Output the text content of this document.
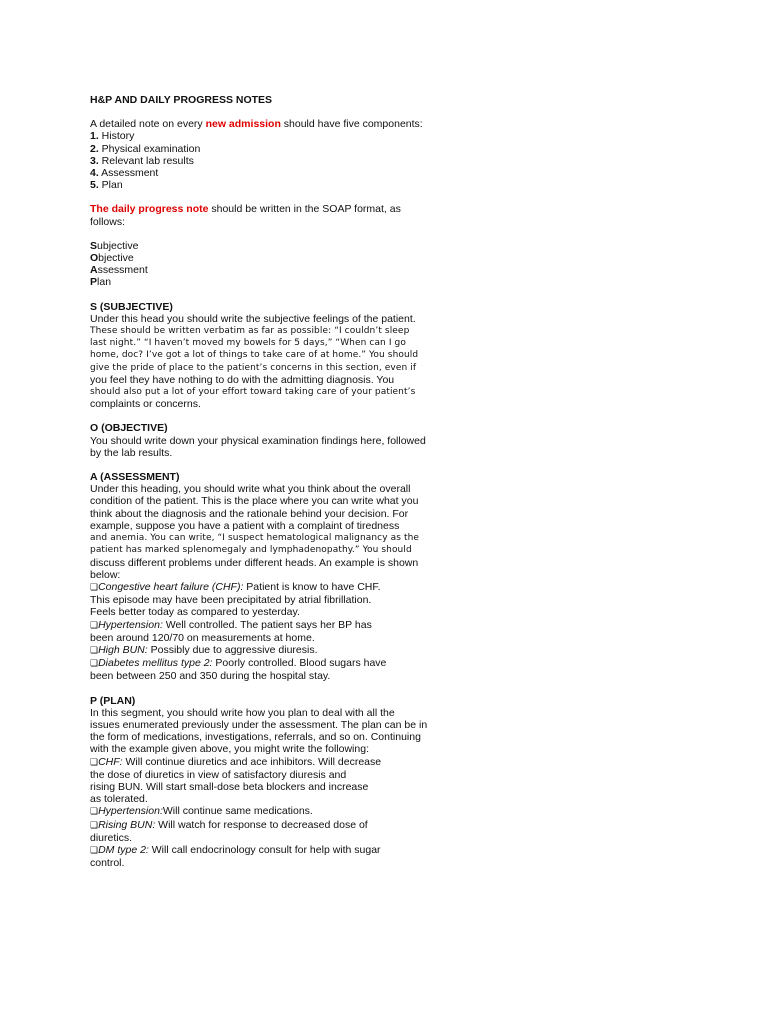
H&P AND DAILY PROGRESS NOTES
A detailed note on every new admission should have five components:
1. History
2. Physical examination
3. Relevant lab results
4. Assessment
5. Plan
The daily progress note should be written in the SOAP format, as
follows:
Subjective
Objective
Assessment
Plan
S (SUBJECTIVE)
Under this head you should write the subjective feelings of the patient.
These should be written verbatim as far as possible: “I couldn’t sleep
last night.” “I haven’t moved my bowels for 5 days,” “When can I go
home, doc? I’ve got a lot of things to take care of at home.” You should
give the pride of place to the patient’s concerns in this section, even if
you feel they have nothing to do with the admitting diagnosis. You
should also put a lot of your effort toward taking care of your patient’s
complaints or concerns.
O (OBJECTIVE)
You should write down your physical examination findings here, followed
by the lab results.
A (ASSESSMENT)
Under this heading, you should write what you think about the overall
condition of the patient. This is the place where you can write what you
think about the diagnosis and the rationale behind your decision. For
example, suppose you have a patient with a complaint of tiredness
and anemia. You can write, “I suspect hematological malignancy as the
patient has marked splenomegaly and lymphadenopathy.” You should
discuss different problems under different heads. An example is shown
below:
❏Congestive heart failure (CHF): Patient is know to have CHF.
This episode may have been precipitated by atrial fibrillation.
Feels better today as compared to yesterday.
❏Hypertension: Well controlled. The patient says her BP has
been around 120/70 on measurements at home.
❏High BUN: Possibly due to aggressive diuresis.
❏Diabetes mellitus type 2: Poorly controlled. Blood sugars have
been between 250 and 350 during the hospital stay.
P (PLAN)
In this segment, you should write how you plan to deal with all the
issues enumerated previously under the assessment. The plan can be in
the form of medications, investigations, referrals, and so on. Continuing
with the example given above, you might write the following:
❏CHF: Will continue diuretics and ace inhibitors. Will decrease
the dose of diuretics in view of satisfactory diuresis and
rising BUN. Will start small-dose beta blockers and increase
as tolerated.
❏Hypertension:Will continue same medications.
❏Rising BUN: Will watch for response to decreased dose of
diuretics.
❏DM type 2: Will call endocrinology consult for help with sugar
control.
